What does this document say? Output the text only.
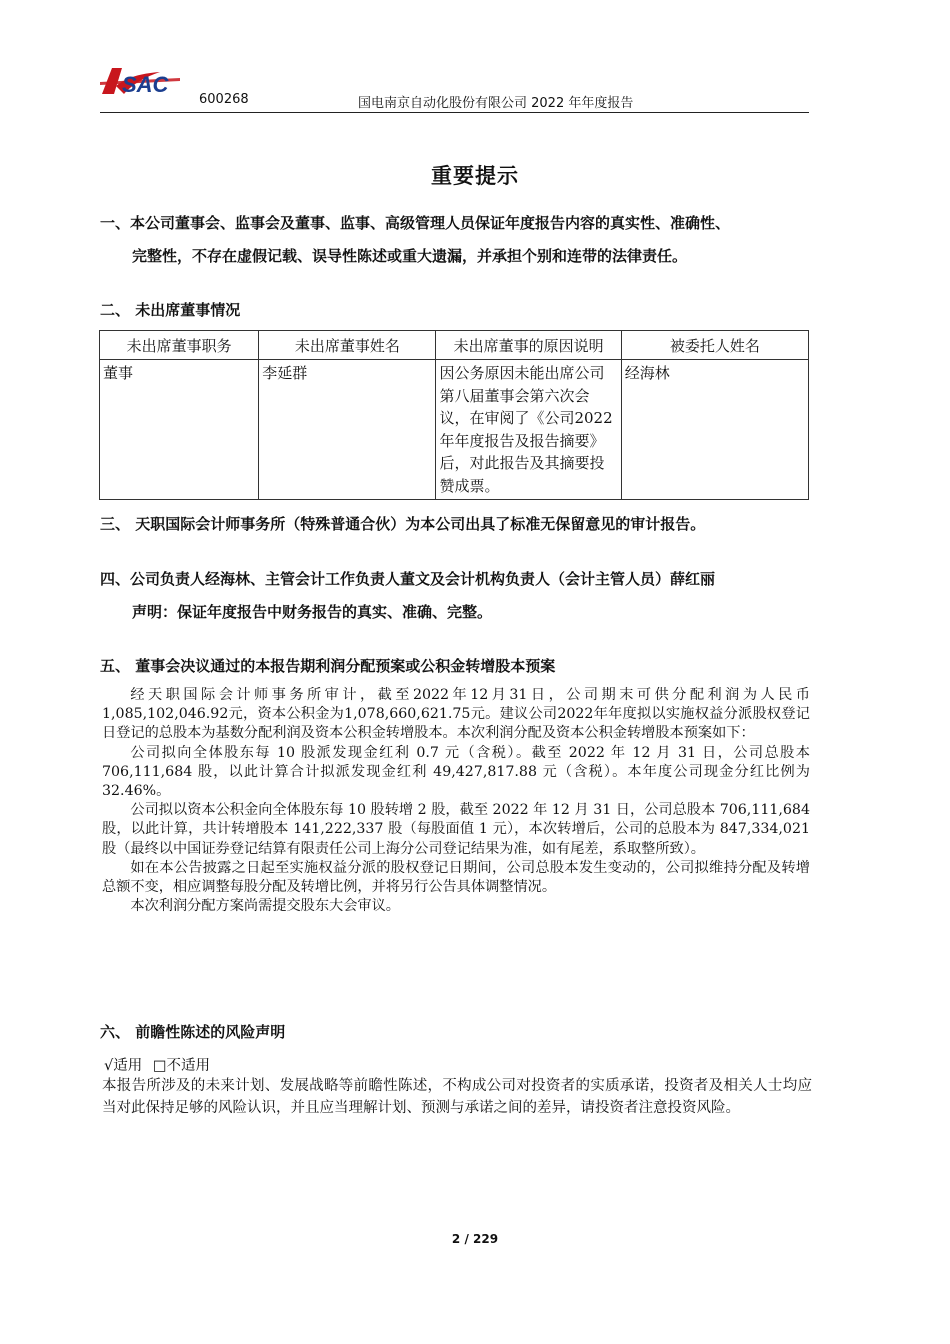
SAC
600268	国电南京自动化股份有限公司 2022 年年度报告
重要提示
一、本公司董事会、监事会及董事、监事、高级管理人员保证年度报告内容的真实性、准确性、
完整性，不存在虚假记载、误导性陈述或重大遗漏，并承担个别和连带的法律责任。
二、 未出席董事情况
未出席董事职务	未出席董事姓名	未出席董事的原因说明	被委托人姓名
董事	李延群	因公务原因未能出席公司第八届董事会第六次会议，在审阅了《公司2022年年度报告及报告摘要》后，对此报告及其摘要投赞成票。	经海林
三、 天职国际会计师事务所（特殊普通合伙）为本公司出具了标准无保留意见的审计报告。
四、公司负责人经海林、主管会计工作负责人董文及会计机构负责人（会计主管人员）薛红丽
声明：保证年度报告中财务报告的真实、准确、完整。
五、 董事会决议通过的本报告期利润分配预案或公积金转增股本预案

经天职国际会计师事务所审计，截至2022年12月31日，公司期末可供分配利润为人民币1,085,102,046.92元，资本公积金为1,078,660,621.75元。建议公司2022年年度拟以实施权益分派股权登记日登记的总股本为基数分配利润及资本公积金转增股本。本次利润分配及资本公积金转增股本预案如下：

公司拟向全体股东每 10 股派发现金红利 0.7 元（含税）。截至 2022 年 12 月 31 日，公司总股本 706,111,684 股，以此计算合计拟派发现金红利 49,427,817.88 元（含税）。本年度公司现金分红比例为 32.46%。

公司拟以资本公积金向全体股东每 10 股转增 2 股，截至 2022 年 12 月 31 日，公司总股本 706,111,684 股，以此计算，共计转增股本 141,222,337 股（每股面值 1 元），本次转增后，公司的总股本为 847,334,021 股（最终以中国证券登记结算有限责任公司上海分公司登记结果为准，如有尾差，系取整所致）。

如在本公告披露之日起至实施权益分派的股权登记日期间，公司总股本发生变动的，公司拟维持分配及转增总额不变，相应调整每股分配及转增比例，并将另行公告具体调整情况。

本次利润分配方案尚需提交股东大会审议。

六、 前瞻性陈述的风险声明
√适用 □不适用
本报告所涉及的未来计划、发展战略等前瞻性陈述，不构成公司对投资者的实质承诺，投资者及相关人士均应当对此保持足够的风险认识，并且应当理解计划、预测与承诺之间的差异，请投资者注意投资风险。
2 / 229
